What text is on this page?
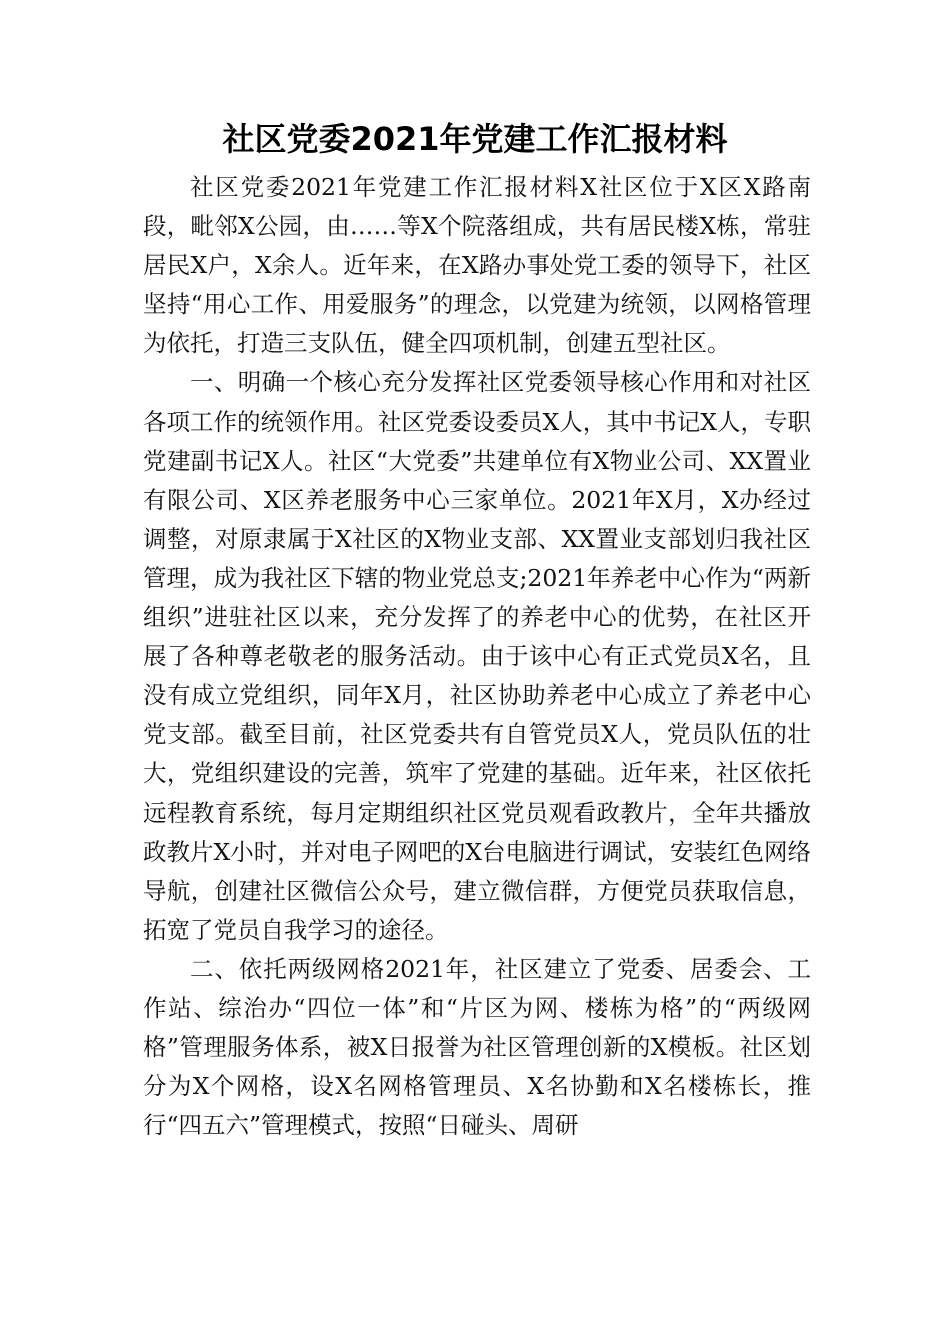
社区党委2021年党建工作汇报材料

社区党委2021年党建工作汇报材料X社区位于X区X路南段，毗邻X公园，由……等X个院落组成，共有居民楼X栋，常驻居民X户，X余人。近年来，在X路办事处党工委的领导下，社区坚持“用心工作、用爱服务”的理念，以党建为统领，以网格管理为依托，打造三支队伍，健全四项机制，创建五型社区。

一、明确一个核心充分发挥社区党委领导核心作用和对社区各项工作的统领作用。社区党委设委员X人，其中书记X人，专职党建副书记X人。社区“大党委”共建单位有X物业公司、XX置业有限公司、X区养老服务中心三家单位。2021年X月，X办经过调整，对原隶属于X社区的X物业支部、XX置业支部划归我社区管理，成为我社区下辖的物业党总支;2021年养老中心作为“两新组织”进驻社区以来，充分发挥了的养老中心的优势，在社区开展了各种尊老敬老的服务活动。由于该中心有正式党员X名，且没有成立党组织，同年X月，社区协助养老中心成立了养老中心党支部。截至目前，社区党委共有自管党员X人，党员队伍的壮大，党组织建设的完善，筑牢了党建的基础。近年来，社区依托远程教育系统，每月定期组织社区党员观看政教片，全年共播放政教片X小时，并对电子网吧的X台电脑进行调试，安装红色网络导航，创建社区微信公众号，建立微信群，方便党员获取信息，拓宽了党员自我学习的途径。

二、依托两级网格2021年，社区建立了党委、居委会、工作站、综治办“四位一体”和“片区为网、楼栋为格”的“两级网格”管理服务体系，被X日报誉为社区管理创新的X模板。社区划分为X个网格，设X名网格管理员、X名协勤和X名楼栋长，推行“四五六”管理模式，按照“日碰头、周研
